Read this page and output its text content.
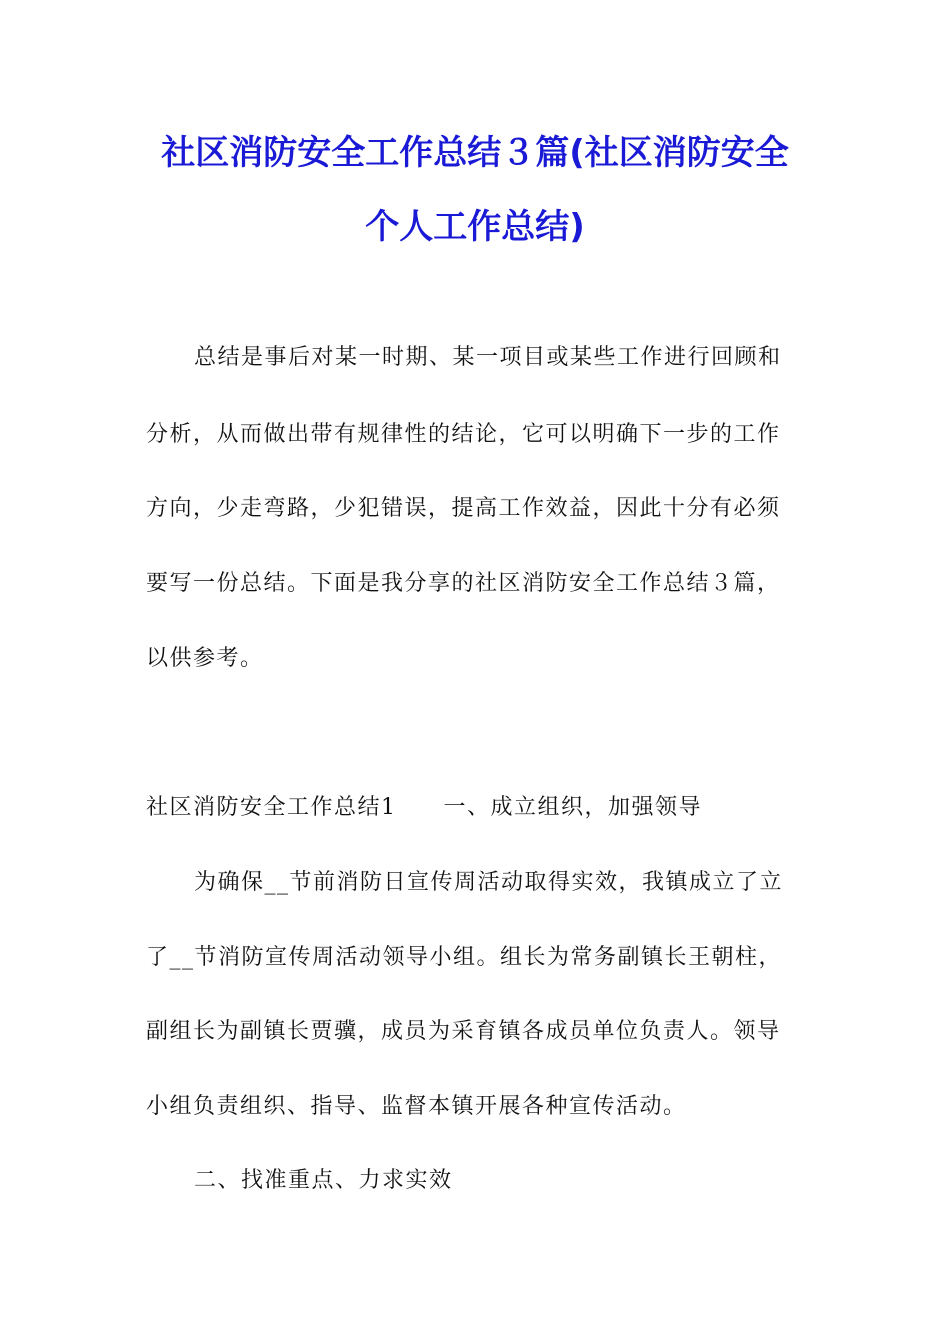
社区消防安全工作总结３篇(社区消防安全
个人工作总结)
总结是事后对某一时期、某一项目或某些工作进行回顾和
分析，从而做出带有规律性的结论，它可以明确下一步的工作
方向，少走弯路，少犯错误，提高工作效益，因此十分有必须
要写一份总结。下面是我分享的社区消防安全工作总结３篇，
以供参考。
社区消防安全工作总结1　　一、成立组织，加强领导
为确保__节前消防日宣传周活动取得实效，我镇成立了立
了__节消防宣传周活动领导小组。组长为常务副镇长王朝柱，
副组长为副镇长贾骥，成员为采育镇各成员单位负责人。领导
小组负责组织、指导、监督本镇开展各种宣传活动。
二、找准重点、力求实效
